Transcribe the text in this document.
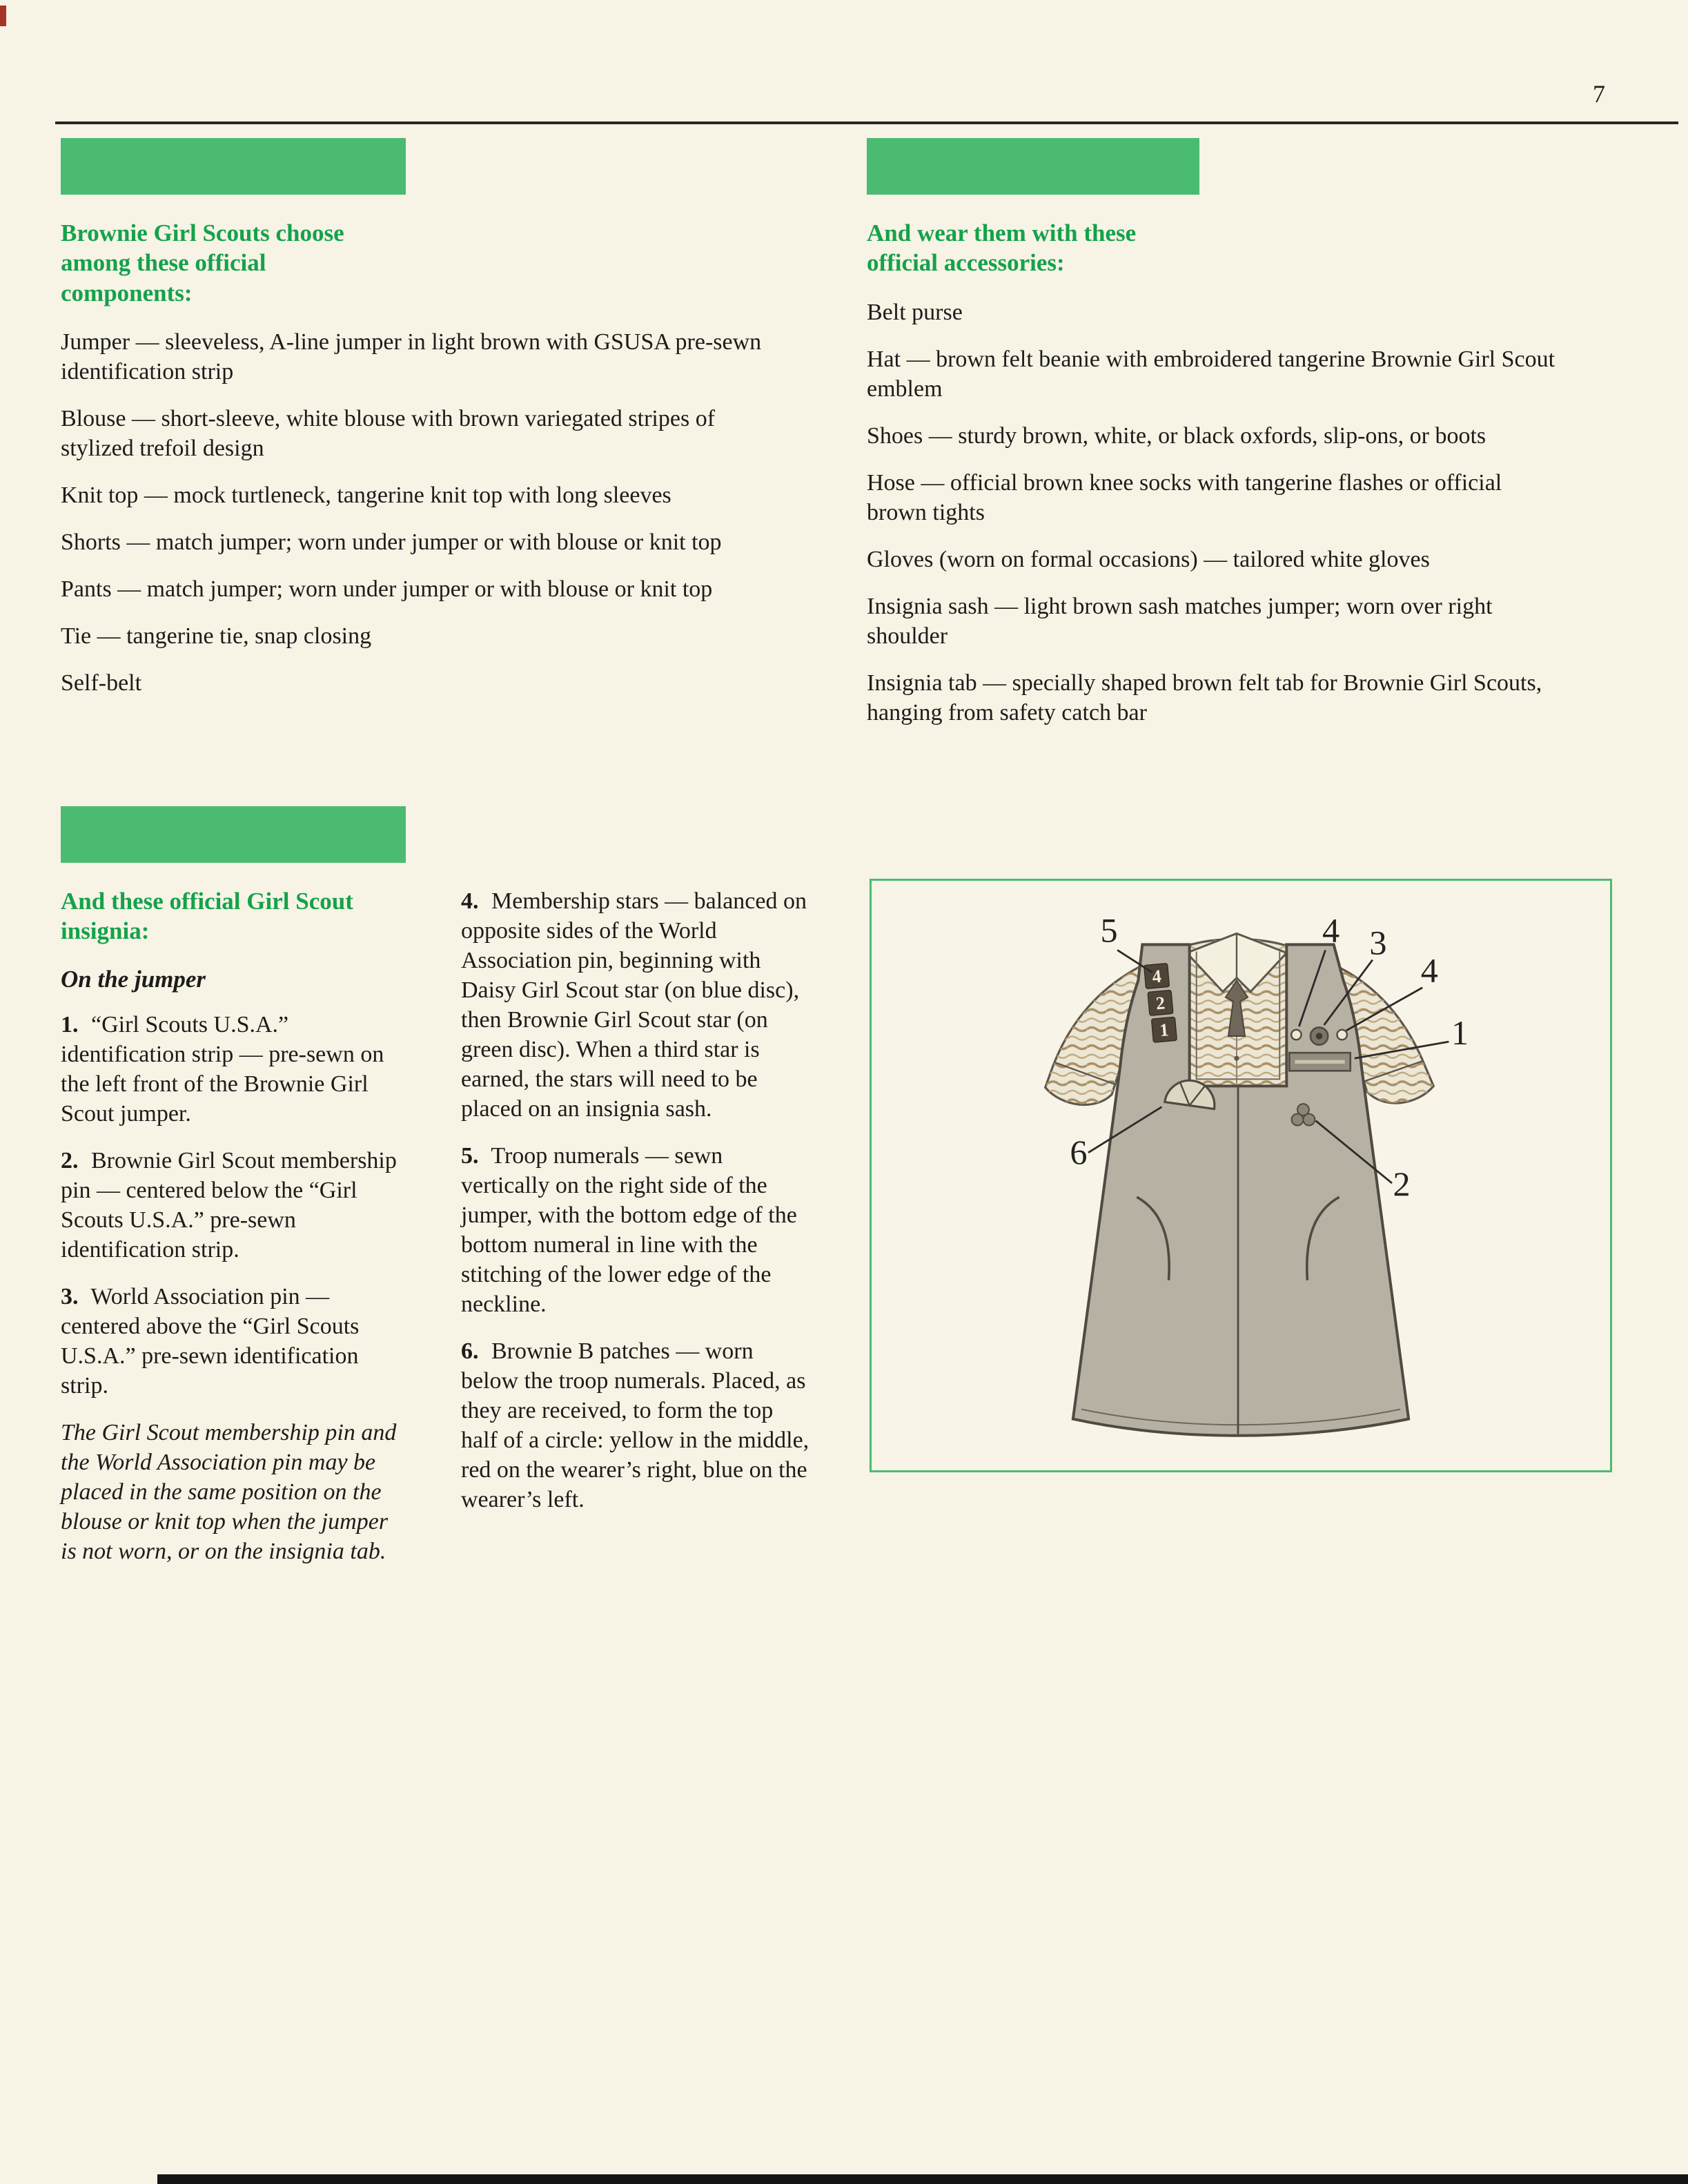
7
Brownie Girl Scouts choose among these official components:

Jumper — sleeveless, A-line jumper in light brown with GSUSA pre-sewn identification strip

Blouse — short-sleeve, white blouse with brown variegated stripes of stylized trefoil design

Knit top — mock turtleneck, tangerine knit top with long sleeves

Shorts — match jumper; worn under jumper or with blouse or knit top

Pants — match jumper; worn under jumper or with blouse or knit top

Tie — tangerine tie, snap closing

Self-belt

And wear them with these official accessories:

Belt purse

Hat — brown felt beanie with embroidered tangerine Brownie Girl Scout emblem

Shoes — sturdy brown, white, or black oxfords, slip-ons, or boots

Hose — official brown knee socks with tangerine flashes or official brown tights

Gloves (worn on formal occasions) — tailored white gloves

Insignia sash — light brown sash matches jumper; worn over right shoulder

Insignia tab — specially shaped brown felt tab for Brownie Girl Scouts, hanging from safety catch bar

And these official Girl Scout insignia:

On the jumper

1. “Girl Scouts U.S.A.” identification strip — pre-sewn on the left front of the Brownie Girl Scout jumper.

2. Brownie Girl Scout membership pin — centered below the “Girl Scouts U.S.A.” pre-sewn identification strip.

3. World Association pin — centered above the “Girl Scouts U.S.A.” pre-sewn identification strip.

The Girl Scout membership pin and the World Association pin may be placed in the same position on the blouse or knit top when the jumper is not worn, or on the insignia tab.

4. Membership stars — balanced on opposite sides of the World Association pin, beginning with Daisy Girl Scout star (on blue disc), then Brownie Girl Scout star (on green disc). When a third star is earned, the stars will need to be placed on an insignia sash.

5. Troop numerals — sewn vertically on the right side of the jumper, with the bottom edge of the bottom numeral in line with the stitching of the lower edge of the neckline.

6. Brownie B patches — worn below the troop numerals. Placed, as they are received, to form the top half of a circle: yellow in the middle, red on the wearer’s right, blue on the wearer’s left.

4
2
1
5	4 3
4
1
6
2
